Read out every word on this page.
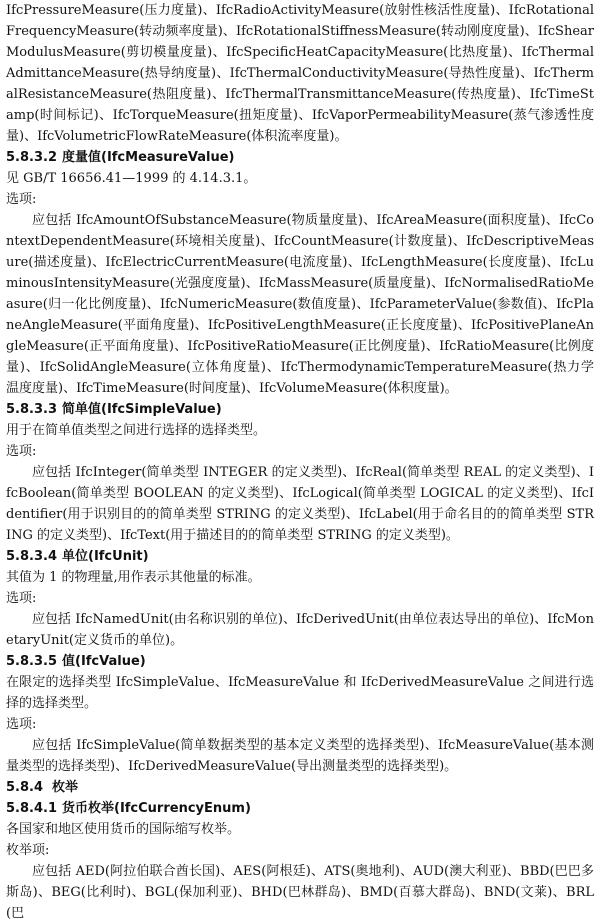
IfcPressureMeasure(压力度量)、IfcRadioActivityMeasure(放射性核活性度量)、IfcRotationalFrequencyMeasure(转动频率度量)、IfcRotationalStiffnessMeasure(转动刚度度量)、IfcShearModulusMeasure(剪切模量度量)、IfcSpecificHeatCapacityMeasure(比热度量)、IfcThermalAdmittanceMeasure(热导纳度量)、IfcThermalConductivityMeasure(导热性度量)、IfcThermalResistanceMeasure(热阻度量)、IfcThermalTransmittanceMeasure(传热度量)、IfcTimeStamp(时间标记)、IfcTorqueMeasure(扭矩度量)、IfcVaporPermeabilityMeasure(蒸气渗透性度量)、IfcVolumetricFlowRateMeasure(体积流率度量)。

5.8.3.2 度量值(IfcMeasureValue)

见 GB/T 16656.41—1999 的 4.14.3.1。

选项:

应包括 IfcAmountOfSubstanceMeasure(物质量度量)、IfcAreaMeasure(面积度量)、IfcContextDependentMeasure(环境相关度量)、IfcCountMeasure(计数度量)、IfcDescriptiveMeasure(描述度量)、IfcElectricCurrentMeasure(电流度量)、IfcLengthMeasure(长度度量)、IfcLuminousIntensityMeasure(光强度度量)、IfcMassMeasure(质量度量)、IfcNormalisedRatioMeasure(归一化比例度量)、IfcNumericMeasure(数值度量)、IfcParameterValue(参数值)、IfcPlaneAngleMeasure(平面角度量)、IfcPositiveLengthMeasure(正长度度量)、IfcPositivePlaneAngleMeasure(正平面角度量)、IfcPositiveRatioMeasure(正比例度量)、IfcRatioMeasure(比例度量)、IfcSolidAngleMeasure(立体角度量)、IfcThermodynamicTemperatureMeasure(热力学温度度量)、IfcTimeMeasure(时间度量)、IfcVolumeMeasure(体积度量)。

5.8.3.3 简单值(IfcSimpleValue)

用于在简单值类型之间进行选择的选择类型。

选项:

应包括 IfcInteger(简单类型 INTEGER 的定义类型)、IfcReal(简单类型 REAL 的定义类型)、IfcBoolean(简单类型 BOOLEAN 的定义类型)、IfcLogical(简单类型 LOGICAL 的定义类型)、IfcIdentifier(用于识别目的的简单类型 STRING 的定义类型)、IfcLabel(用于命名目的的简单类型 STRING 的定义类型)、IfcText(用于描述目的的简单类型 STRING 的定义类型)。

5.8.3.4 单位(IfcUnit)

其值为 1 的物理量,用作表示其他量的标准。

选项:

应包括 IfcNamedUnit(由名称识别的单位)、IfcDerivedUnit(由单位表达导出的单位)、IfcMonetaryUnit(定义货币的单位)。

5.8.3.5 值(IfcValue)

在限定的选择类型 IfcSimpleValue、IfcMeasureValue 和 IfcDerivedMeasureValue 之间进行选择的选择类型。

选项:

应包括 IfcSimpleValue(简单数据类型的基本定义类型的选择类型)、IfcMeasureValue(基本测量类型的选择类型)、IfcDerivedMeasureValue(导出测量类型的选择类型)。

5.8.4 枚举
5.8.4.1 货币枚举(IfcCurrencyEnum)

各国家和地区使用货币的国际缩写枚举。

枚举项:

应包括 AED(阿拉伯联合酋长国)、AES(阿根廷)、ATS(奥地利)、AUD(澳大利亚)、BBD(巴巴多斯岛)、BEG(比利时)、BGL(保加利亚)、BHD(巴林群岛)、BMD(百慕大群岛)、BND(文莱)、BRL(巴
